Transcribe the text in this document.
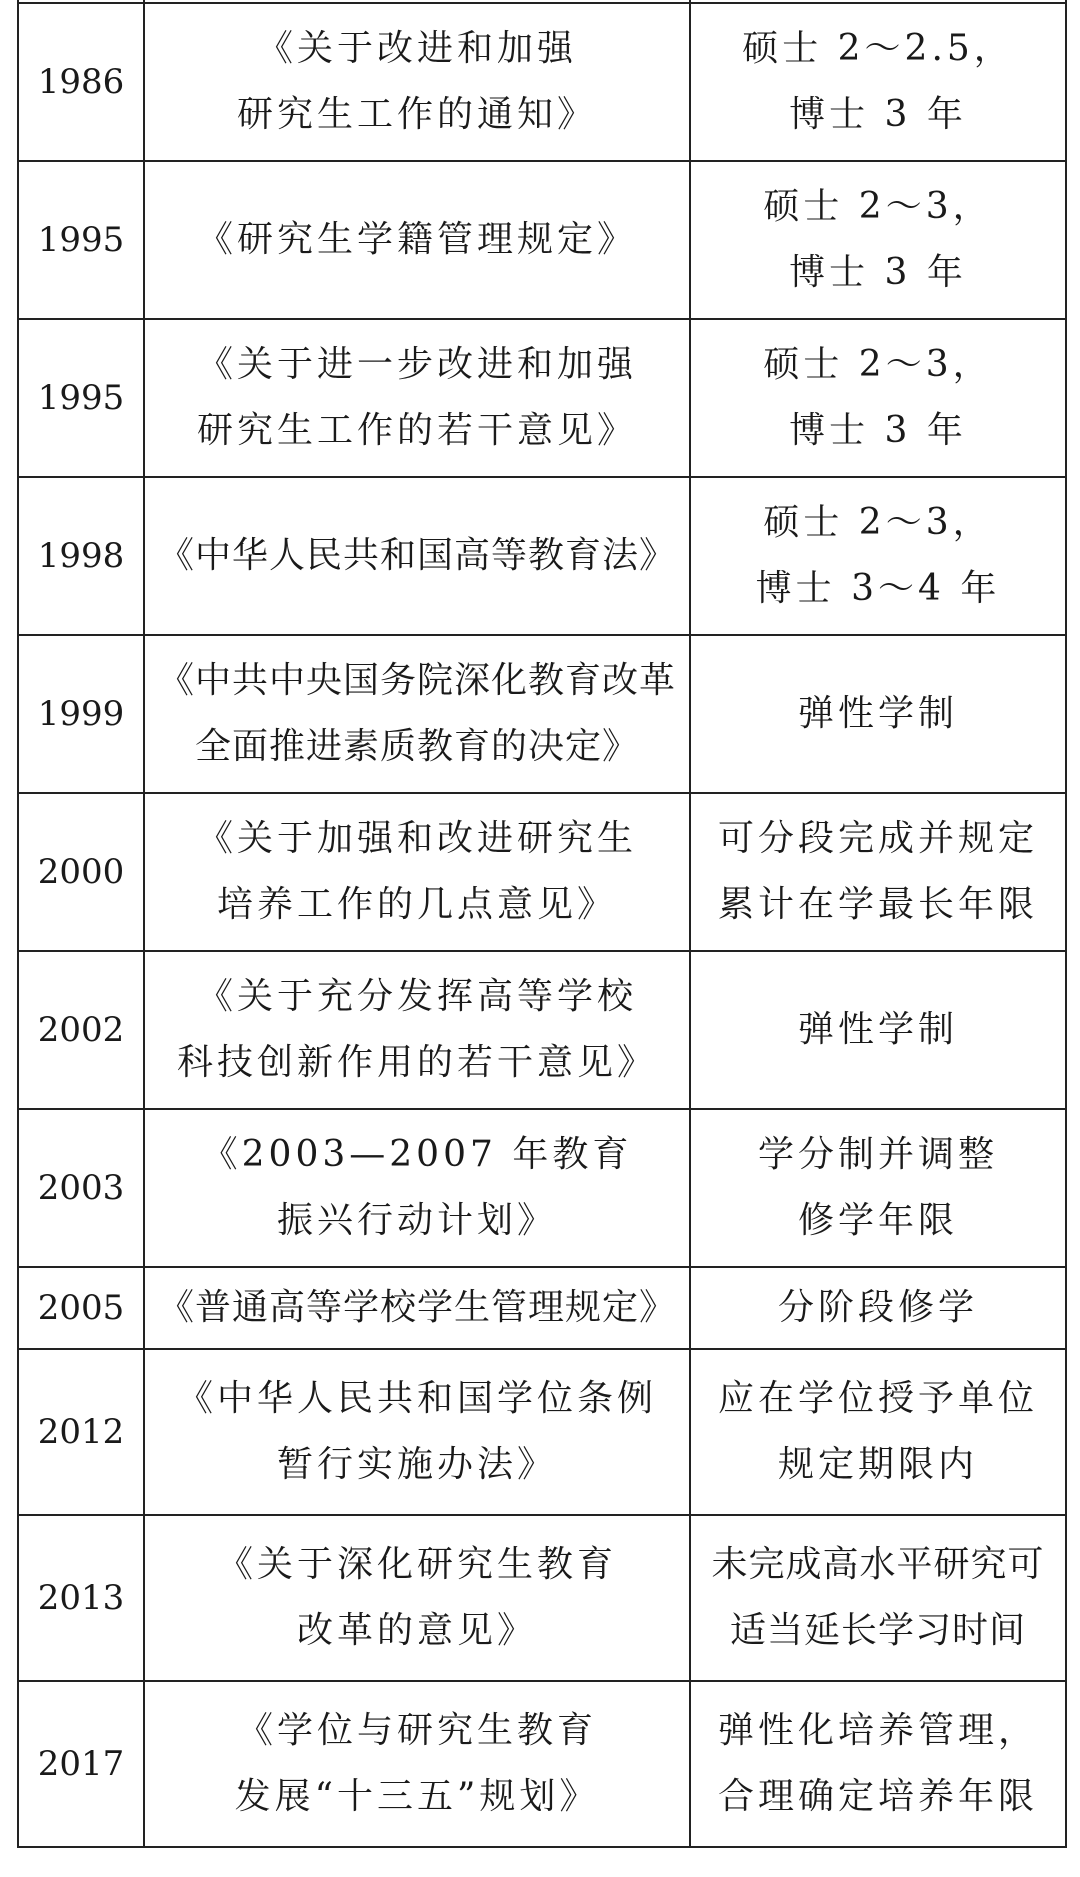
1986	《关于改进和加强
研究生工作的通知》	硕士 2～2.5，
博士 3 年

1995	《研究生学籍管理规定》	硕士 2～3，
博士 3 年

1995	《关于进一步改进和加强
研究生工作的若干意见》	硕士 2～3，
博士 3 年

1998	《中华人民共和国高等教育法》	硕士 2～3，
博士 3～4 年

1999	《中共中央国务院深化教育改革
全面推进素质教育的决定》	弹性学制

2000	《关于加强和改进研究生
培养工作的几点意见》	可分段完成并规定
累计在学最长年限

2002	《关于充分发挥高等学校
科技创新作用的若干意见》	弹性学制

2003	《2003—2007 年教育
振兴行动计划》	学分制并调整
修学年限

2005	《普通高等学校学生管理规定》	分阶段修学

2012	《中华人民共和国学位条例
暂行实施办法》	应在学位授予单位
规定期限内

2013	《关于深化研究生教育
改革的意见》	未完成高水平研究可
适当延长学习时间

2017	《学位与研究生教育
发展“十三五”规划》	弹性化培养管理，
合理确定培养年限
